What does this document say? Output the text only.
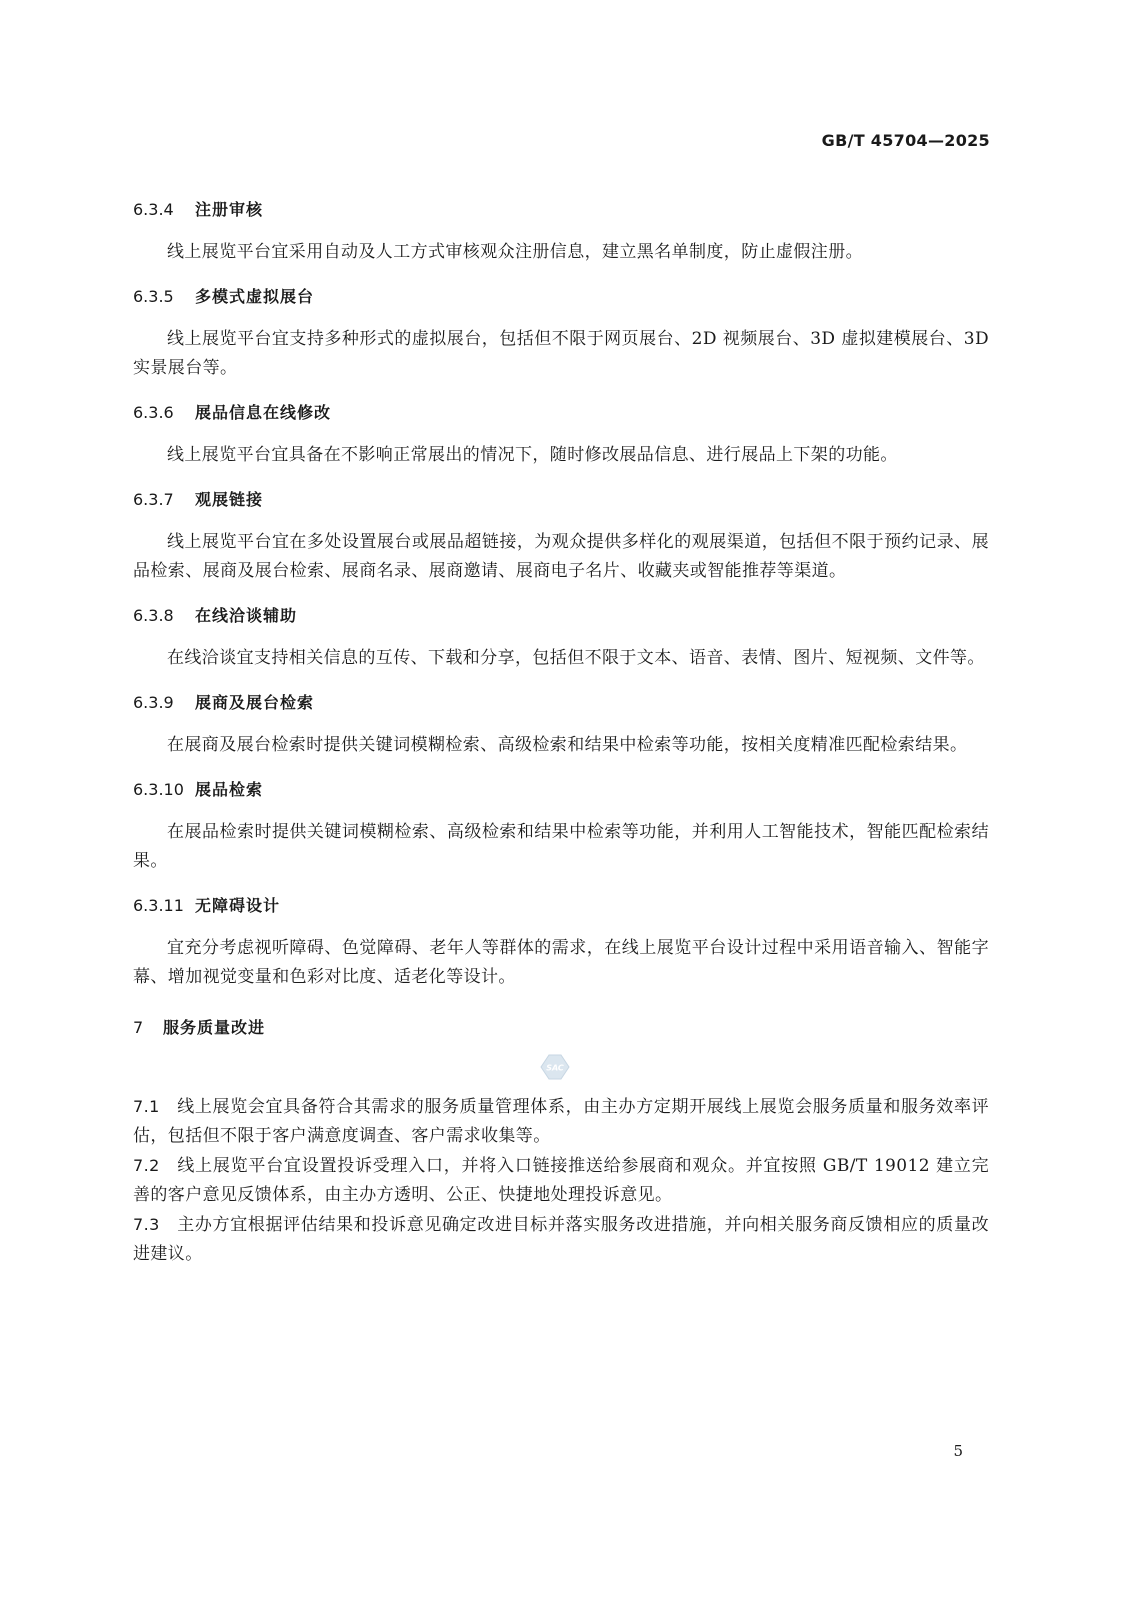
GB/T 45704—2025
6.3.4 注册审核

线上展览平台宜采用自动及人工方式审核观众注册信息，建立黑名单制度，防止虚假注册。

6.3.5 多模式虚拟展台

线上展览平台宜支持多种形式的虚拟展台，包括但不限于网页展台、2D 视频展台、3D 虚拟建模展台、3D 实景展台等。

6.3.6 展品信息在线修改

线上展览平台宜具备在不影响正常展出的情况下，随时修改展品信息、进行展品上下架的功能。

6.3.7 观展链接

线上展览平台宜在多处设置展台或展品超链接，为观众提供多样化的观展渠道，包括但不限于预约记录、展品检索、展商及展台检索、展商名录、展商邀请、展商电子名片、收藏夹或智能推荐等渠道。

6.3.8 在线洽谈辅助

在线洽谈宜支持相关信息的互传、下载和分享，包括但不限于文本、语音、表情、图片、短视频、文件等。

6.3.9 展商及展台检索

在展商及展台检索时提供关键词模糊检索、高级检索和结果中检索等功能，按相关度精准匹配检索结果。

6.3.10 展品检索

在展品检索时提供关键词模糊检索、高级检索和结果中检索等功能，并利用人工智能技术，智能匹配检索结果。

6.3.11 无障碍设计

宜充分考虑视听障碍、色觉障碍、老年人等群体的需求，在线上展览平台设计过程中采用语音输入、智能字幕、增加视觉变量和色彩对比度、适老化等设计。

7 服务质量改进
SAC

7.1 线上展览会宜具备符合其需求的服务质量管理体系，由主办方定期开展线上展览会服务质量和服务效率评估，包括但不限于客户满意度调查、客户需求收集等。

7.2 线上展览平台宜设置投诉受理入口，并将入口链接推送给参展商和观众。并宜按照 GB/T 19012 建立完善的客户意见反馈体系，由主办方透明、公正、快捷地处理投诉意见。

7.3 主办方宜根据评估结果和投诉意见确定改进目标并落实服务改进措施，并向相关服务商反馈相应的质量改进建议。

5
